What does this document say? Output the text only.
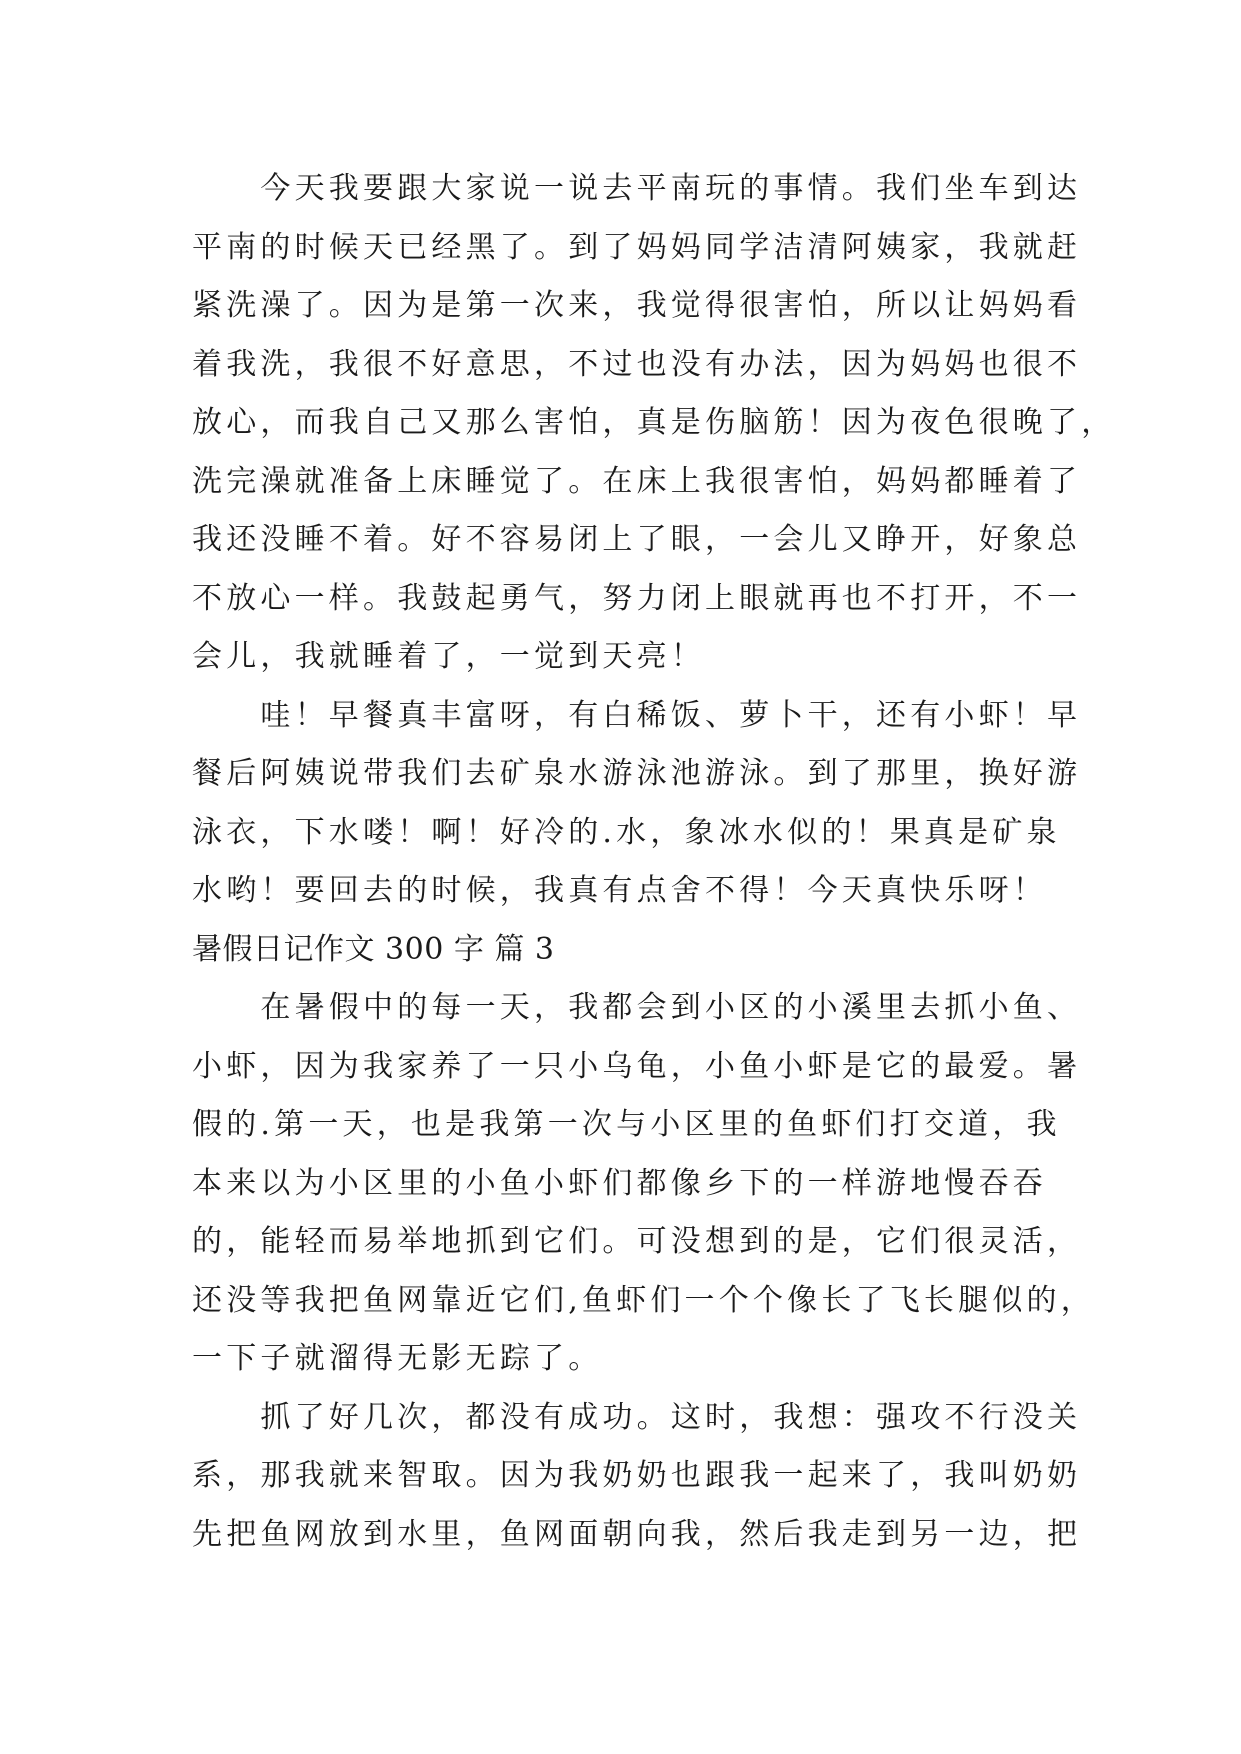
　　今天我要跟大家说一说去平南玩的事情。我们坐车到达
平南的时候天已经黑了。到了妈妈同学洁清阿姨家，我就赶
紧洗澡了。因为是第一次来，我觉得很害怕，所以让妈妈看
着我洗，我很不好意思，不过也没有办法，因为妈妈也很不
放心，而我自己又那么害怕，真是伤脑筋！因为夜色很晚了，
洗完澡就准备上床睡觉了。在床上我很害怕，妈妈都睡着了
我还没睡不着。好不容易闭上了眼，一会儿又睁开，好象总
不放心一样。我鼓起勇气，努力闭上眼就再也不打开，不一
会儿，我就睡着了，一觉到天亮！
　　哇！早餐真丰富呀，有白稀饭、萝卜干，还有小虾！早
餐后阿姨说带我们去矿泉水游泳池游泳。到了那里，换好游
泳衣，下水喽！啊！好冷的.水，象冰水似的！果真是矿泉
水哟！要回去的时候，我真有点舍不得！今天真快乐呀！
暑假日记作文 300 字 篇 3
　　在暑假中的每一天，我都会到小区的小溪里去抓小鱼、
小虾，因为我家养了一只小乌龟，小鱼小虾是它的最爱。暑
假的.第一天，也是我第一次与小区里的鱼虾们打交道，我
本来以为小区里的小鱼小虾们都像乡下的一样游地慢吞吞
的，能轻而易举地抓到它们。可没想到的是，它们很灵活，
还没等我把鱼网靠近它们,鱼虾们一个个像长了飞长腿似的，
一下子就溜得无影无踪了。
　　抓了好几次，都没有成功。这时，我想：强攻不行没关
系，那我就来智取。因为我奶奶也跟我一起来了，我叫奶奶
先把鱼网放到水里，鱼网面朝向我，然后我走到另一边，把
